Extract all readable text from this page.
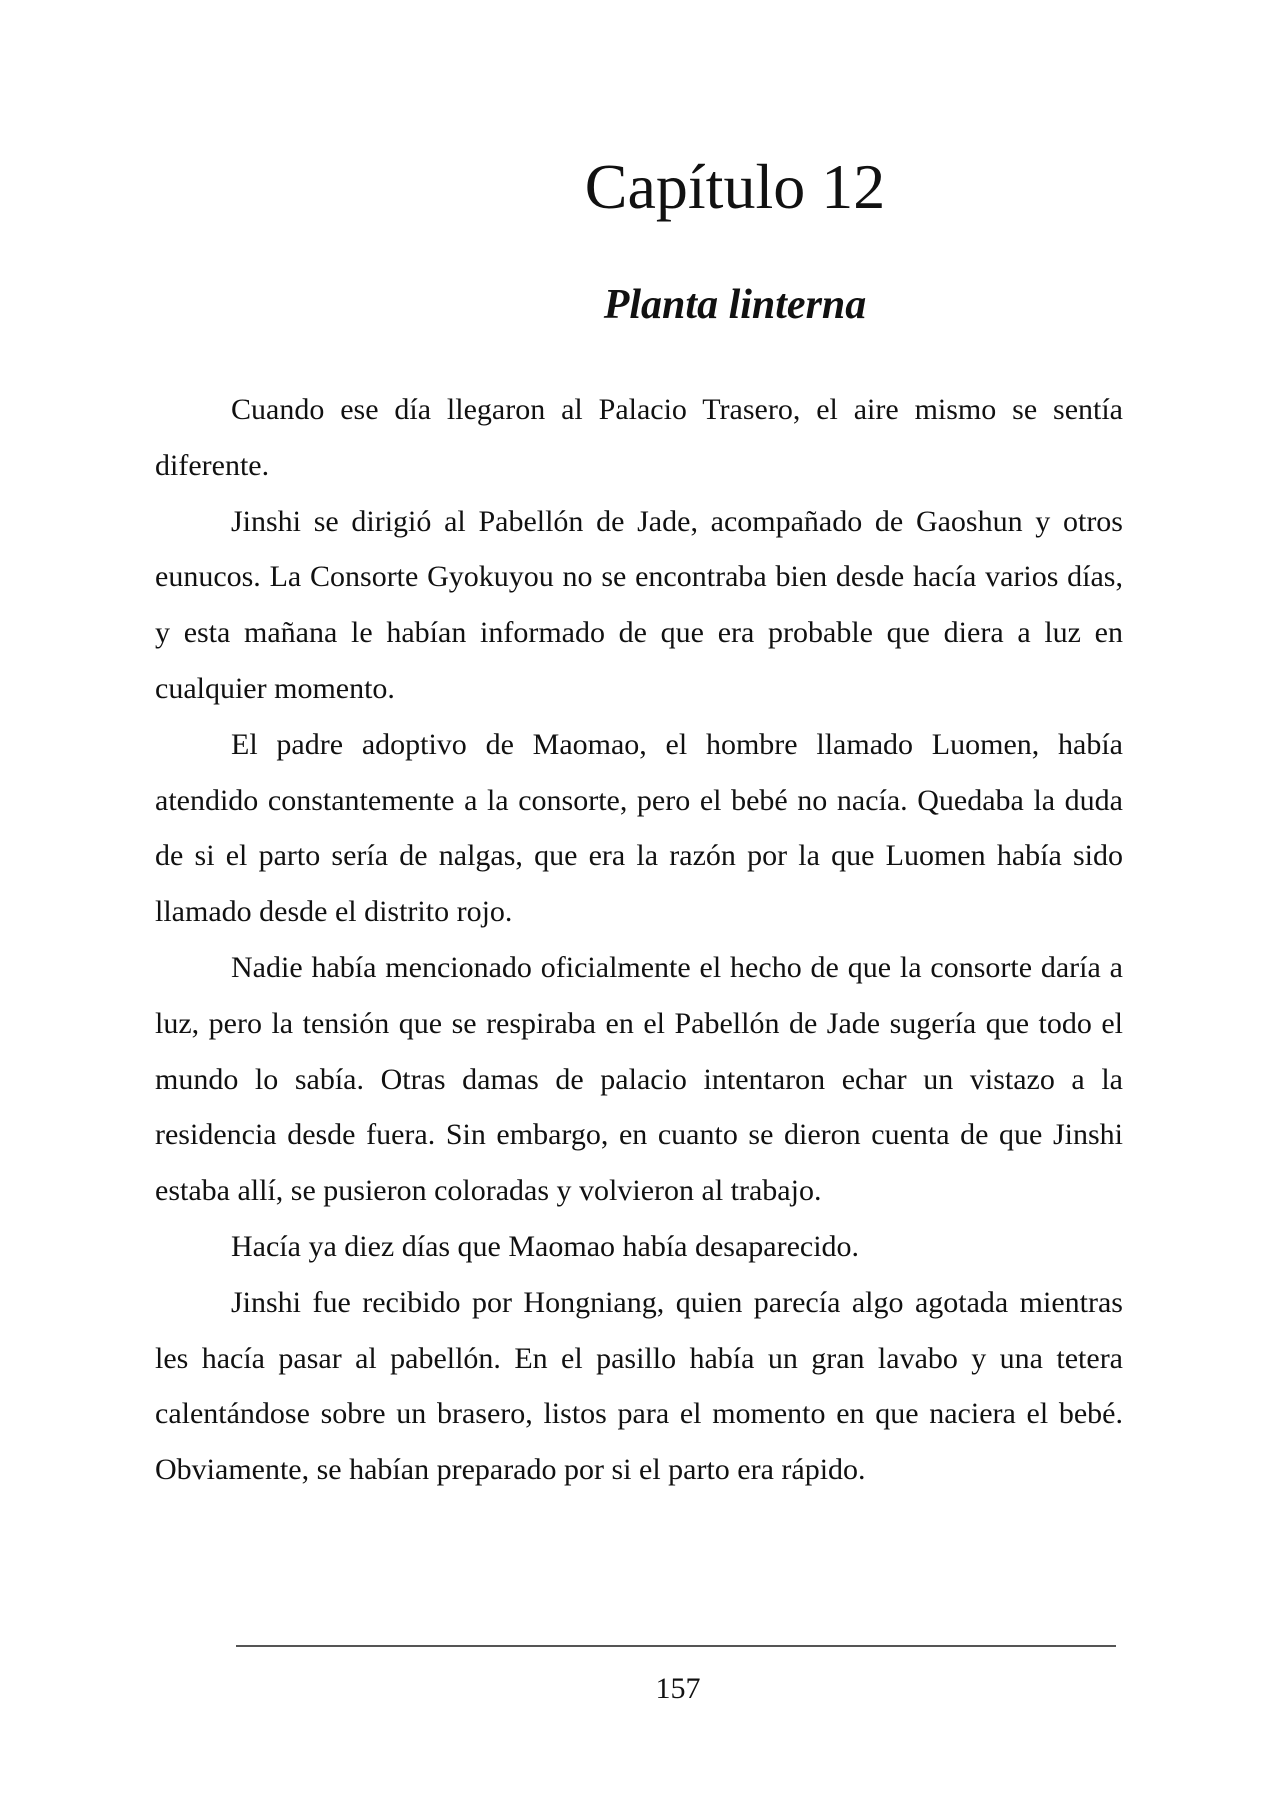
Capítulo 12
Planta linterna

Cuando ese día llegaron al Palacio Trasero, el aire mismo se sentía diferente.

Jinshi se dirigió al Pabellón de Jade, acompañado de Gaoshun y otros eunucos. La Consorte Gyokuyou no se encontraba bien desde hacía varios días, y esta mañana le habían informado de que era probable que diera a luz en cualquier momento.

El padre adoptivo de Maomao, el hombre llamado Luomen, había atendido constantemente a la consorte, pero el bebé no nacía. Quedaba la duda de si el parto sería de nalgas, que era la razón por la que Luomen había sido llamado desde el distrito rojo.

Nadie había mencionado oficialmente el hecho de que la consorte daría a luz, pero la tensión que se respiraba en el Pabellón de Jade sugería que todo el mundo lo sabía. Otras damas de palacio intentaron echar un vistazo a la residencia desde fuera. Sin embargo, en cuanto se dieron cuenta de que Jinshi estaba allí, se pusieron coloradas y volvieron al trabajo.

Hacía ya diez días que Maomao había desaparecido.

Jinshi fue recibido por Hongniang, quien parecía algo agotada mientras les hacía pasar al pabellón. En el pasillo había un gran lavabo y una tetera calentándose sobre un brasero, listos para el momento en que naciera el bebé. Obviamente, se habían preparado por si el parto era rápido.

157
